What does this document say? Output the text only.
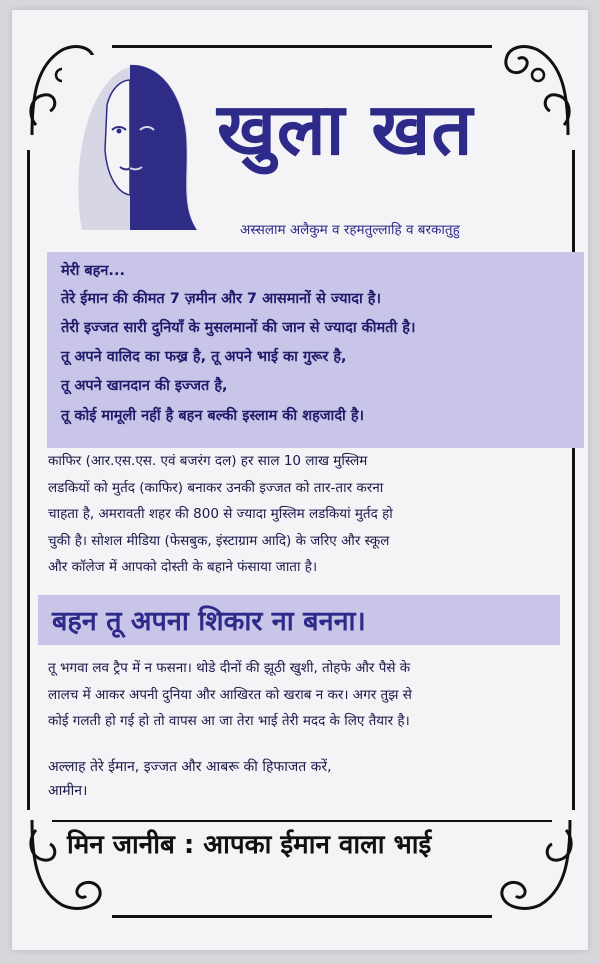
खुला खत
अस्सलाम अलैकुम व रहमतुल्लाहि व बरकातुहु
मेरी बहन...
तेरे ईमान की कीमत 7 ज़मीन और 7 आसमानों से ज्यादा है।
तेरी इज्जत सारी दुनियाँ के मुसलमानों की जान से ज्यादा कीमती है।
तू अपने वालिद का फख्र है, तू अपने भाई का गुरूर है,
तू अपने खानदान की इज्जत है,
तू कोई मामूली नहीं है बहन बल्की इस्लाम की शहजादी है।
काफिर (आर.एस.एस. एवं बजरंग दल) हर साल 10 लाख मुस्लिम
लडकियों को मुर्तद (काफिर) बनाकर उनकी इज्जत को तार-तार करना
चाहता है, अमरावती शहर की 800 से ज्यादा मुस्लिम लडकियां मुर्तद हो
चुकी है। सोशल मीडिया (फेसबुक, इंस्टाग्राम आदि) के जरिए और स्कूल
और कॉलेज में आपको दोस्ती के बहाने फंसाया जाता है।
बहन तू अपना शिकार ना बनना।
तू भगवा लव ट्रैप में न फसना। थोडे दीनों की झूठी खुशी, तोहफे और पैसे के
लालच में आकर अपनी दुनिया और आखिरत को खराब न कर। अगर तुझ से
कोई गलती हो गई हो तो वापस आ जा तेरा भाई तेरी मदद के लिए तैयार है।
अल्लाह तेरे ईमान, इज्जत और आबरू की हिफाजत करें,
आमीन।
मिन जानीब : आपका ईमान वाला भाई
